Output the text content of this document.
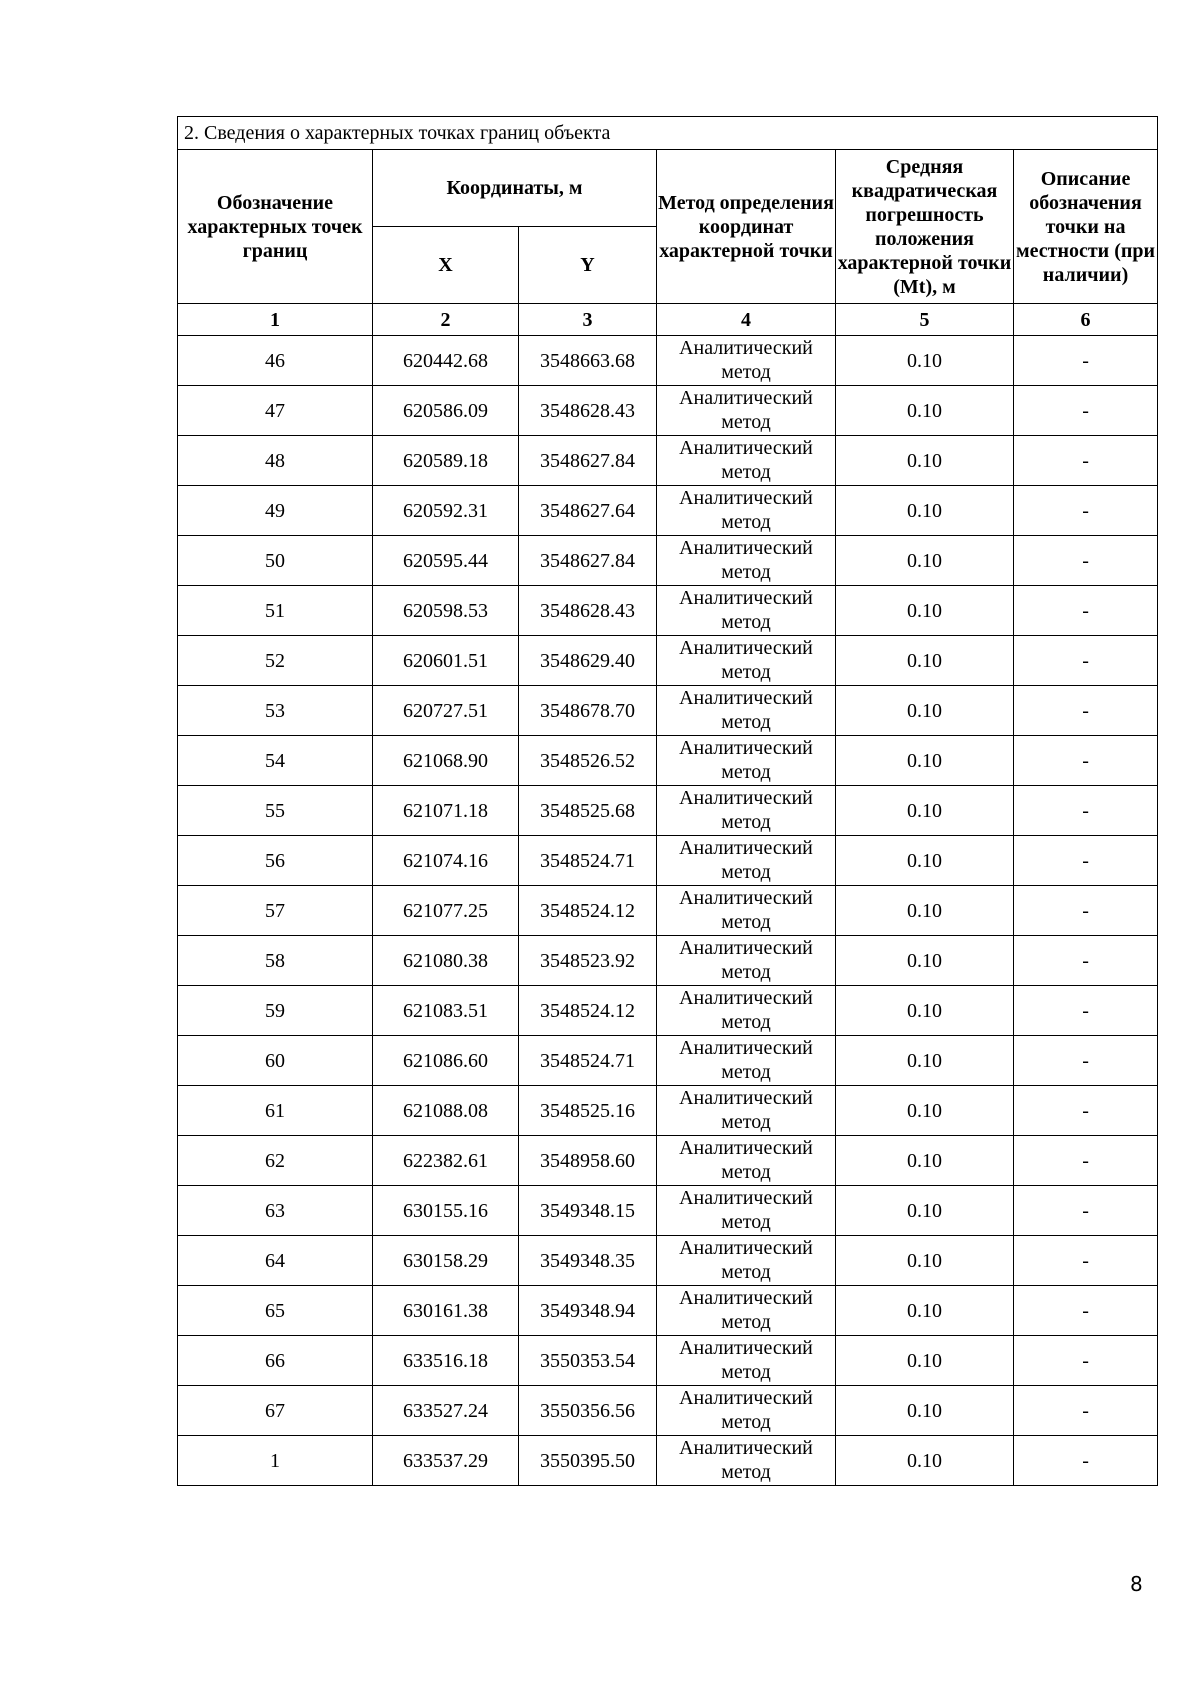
2. Сведения о характерных точках границ объекта					
Обозначение характерных точек границ	Координаты, м		Метод определения координат характерной точки	Средняя квадратическая погрешность положения характерной точки (Mt), м	Описание обозначения точки на местности (при наличии)
	X	Y			
1	2	3	4	5	6
46	620442.68	3548663.68	Аналитический метод	0.10	-
47	620586.09	3548628.43	Аналитический метод	0.10	-
48	620589.18	3548627.84	Аналитический метод	0.10	-
49	620592.31	3548627.64	Аналитический метод	0.10	-
50	620595.44	3548627.84	Аналитический метод	0.10	-
51	620598.53	3548628.43	Аналитический метод	0.10	-
52	620601.51	3548629.40	Аналитический метод	0.10	-
53	620727.51	3548678.70	Аналитический метод	0.10	-
54	621068.90	3548526.52	Аналитический метод	0.10	-
55	621071.18	3548525.68	Аналитический метод	0.10	-
56	621074.16	3548524.71	Аналитический метод	0.10	-
57	621077.25	3548524.12	Аналитический метод	0.10	-
58	621080.38	3548523.92	Аналитический метод	0.10	-
59	621083.51	3548524.12	Аналитический метод	0.10	-
60	621086.60	3548524.71	Аналитический метод	0.10	-
61	621088.08	3548525.16	Аналитический метод	0.10	-
62	622382.61	3548958.60	Аналитический метод	0.10	-
63	630155.16	3549348.15	Аналитический метод	0.10	-
64	630158.29	3549348.35	Аналитический метод	0.10	-
65	630161.38	3549348.94	Аналитический метод	0.10	-
66	633516.18	3550353.54	Аналитический метод	0.10	-
67	633527.24	3550356.56	Аналитический метод	0.10	-
1	633537.29	3550395.50	Аналитический метод	0.10	-
8
